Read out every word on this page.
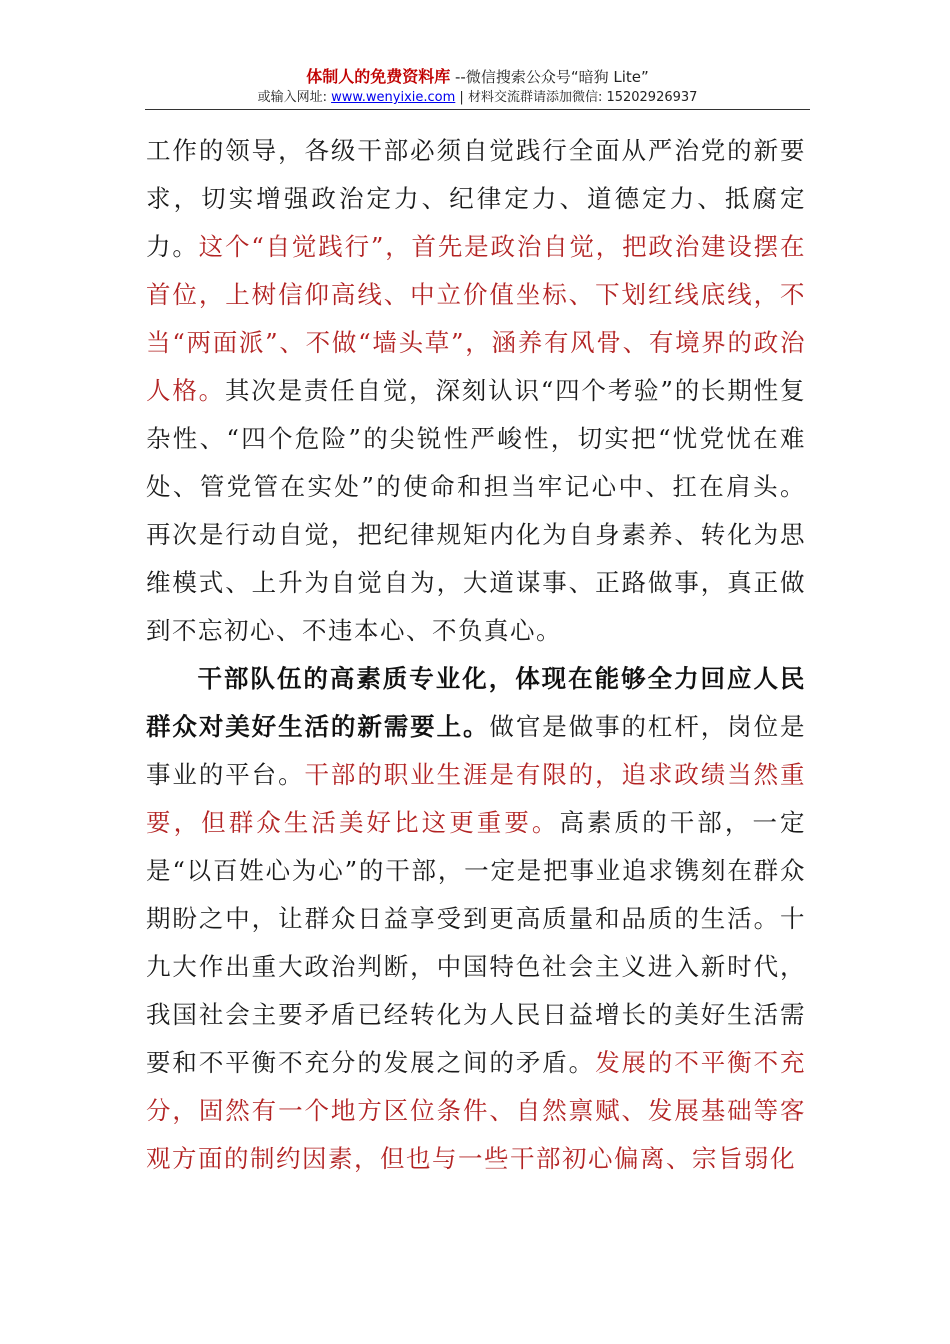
体制人的免费资料库 --微信搜索公众号“暗狗 Lite”
或输入网址: www.wenyixie.com | 材料交流群请添加微信: 15202926937

工作的领导，各级干部必须自觉践行全面从严治党的新要求，切实增强政治定力、纪律定力、道德定力、抵腐定力。这个“自觉践行”，首先是政治自觉，把政治建设摆在首位，上树信仰高线、中立价值坐标、下划红线底线，不当“两面派”、不做“墙头草”，涵养有风骨、有境界的政治人格。其次是责任自觉，深刻认识“四个考验”的长期性复杂性、“四个危险”的尖锐性严峻性，切实把“忧党忧在难处、管党管在实处”的使命和担当牢记心中、扛在肩头。再次是行动自觉，把纪律规矩内化为自身素养、转化为思维模式、上升为自觉自为，大道谋事、正路做事，真正做到不忘初心、不违本心、不负真心。

干部队伍的高素质专业化，体现在能够全力回应人民群众对美好生活的新需要上。做官是做事的杠杆，岗位是事业的平台。干部的职业生涯是有限的，追求政绩当然重要，但群众生活美好比这更重要。高素质的干部，一定是“以百姓心为心”的干部，一定是把事业追求镌刻在群众期盼之中，让群众日益享受到更高质量和品质的生活。十九大作出重大政治判断，中国特色社会主义进入新时代，我国社会主要矛盾已经转化为人民日益增长的美好生活需要和不平衡不充分的发展之间的矛盾。发展的不平衡不充分，固然有一个地方区位条件、自然禀赋、发展基础等客观方面的制约因素，但也与一些干部初心偏离、宗旨弱化
